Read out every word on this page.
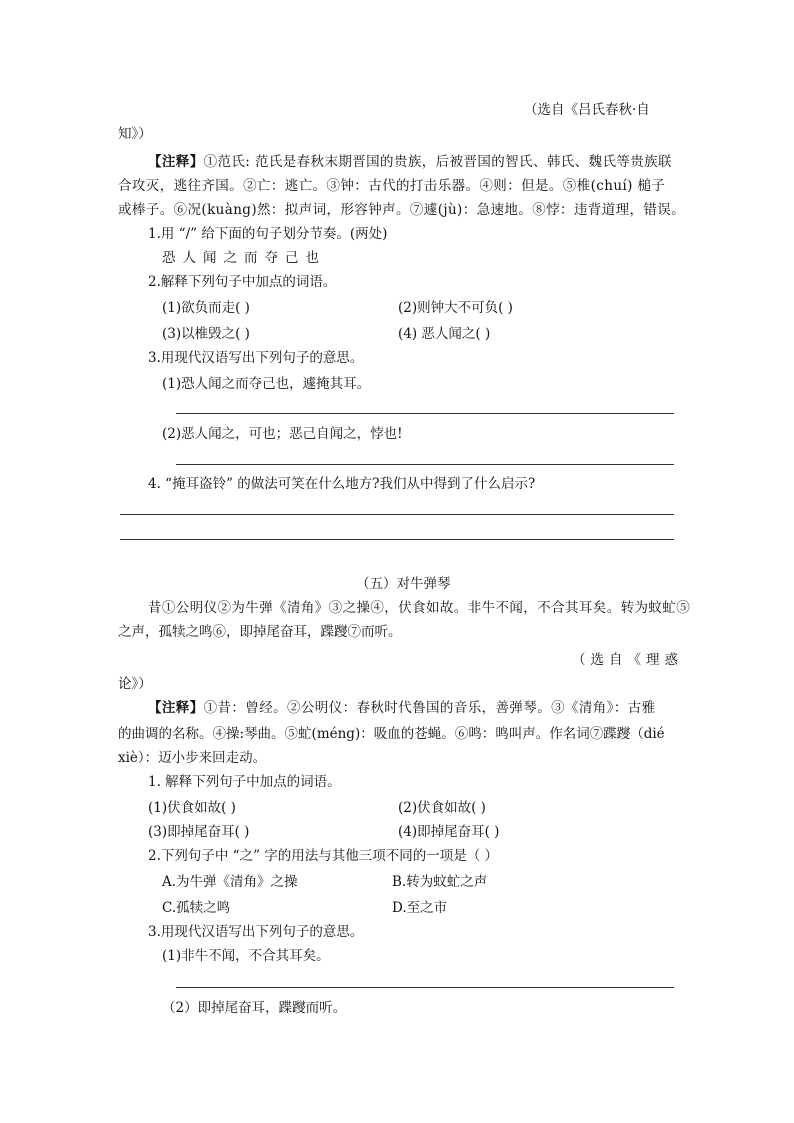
（选自《吕氏春秋·自
知》）
【注释】①范氏: 范氏是春秋末期晋国的贵族，后被晋国的智氏、韩氏、魏氏等贵族联
合攻灭，逃往齐国。②亡：逃亡。③钟：古代的打击乐器。④则：但是。⑤椎(chuí) 槌子
或棒子。⑥况(kuàng)然：拟声词，形容钟声。⑦遽(jù)：急速地。⑧悖：违背道理，错误。
1.用 “/” 给下面的句子划分节奏。(两处)
恐人闻之而夺己也
2.解释下列句子中加点的词语。
(1)欲负而走( )	(2)则钟大不可负( )
(3)以椎毁之( )	(4) 恶人闻之( )
3.用现代汉语写出下列句子的意思。
(1)恐人闻之而夺己也，遽掩其耳。
(2)恶人闻之，可也；恶己自闻之，悖也!
4. “掩耳盗铃” 的做法可笑在什么地方?我们从中得到了什么启示?
（五）对牛弹琴
昔①公明仪②为牛弹《清角》③之操④，伏食如故。非牛不闻，不合其耳矣。转为蚊虻⑤
之声，孤犊之鸣⑥，即掉尾奋耳，蹀躞⑦而听。
（选自《理惑
论》）
【注释】①昔：曾经。②公明仪：春秋时代鲁国的音乐，善弹琴。③《清角》：古雅
的曲调的名称。④操:琴曲。⑤虻(méng)：吸血的苍蝇。⑥鸣：鸣叫声。作名词⑦蹀躞（dié
xiè）：迈小步来回走动。
1. 解释下列句子中加点的词语。
(1)伏食如故( )	(2)伏食如故( )
(3)即掉尾奋耳( )	(4)即掉尾奋耳( )
2.下列句子中 “之” 字的用法与其他三项不同的一项是（ ）
A.为牛弹《清角》之操	B.转为蚊虻之声
C.孤犊之鸣	D.至之市
3.用现代汉语写出下列句子的意思。
(1)非牛不闻，不合其耳矣。
（2）即掉尾奋耳，蹀躞而听。
